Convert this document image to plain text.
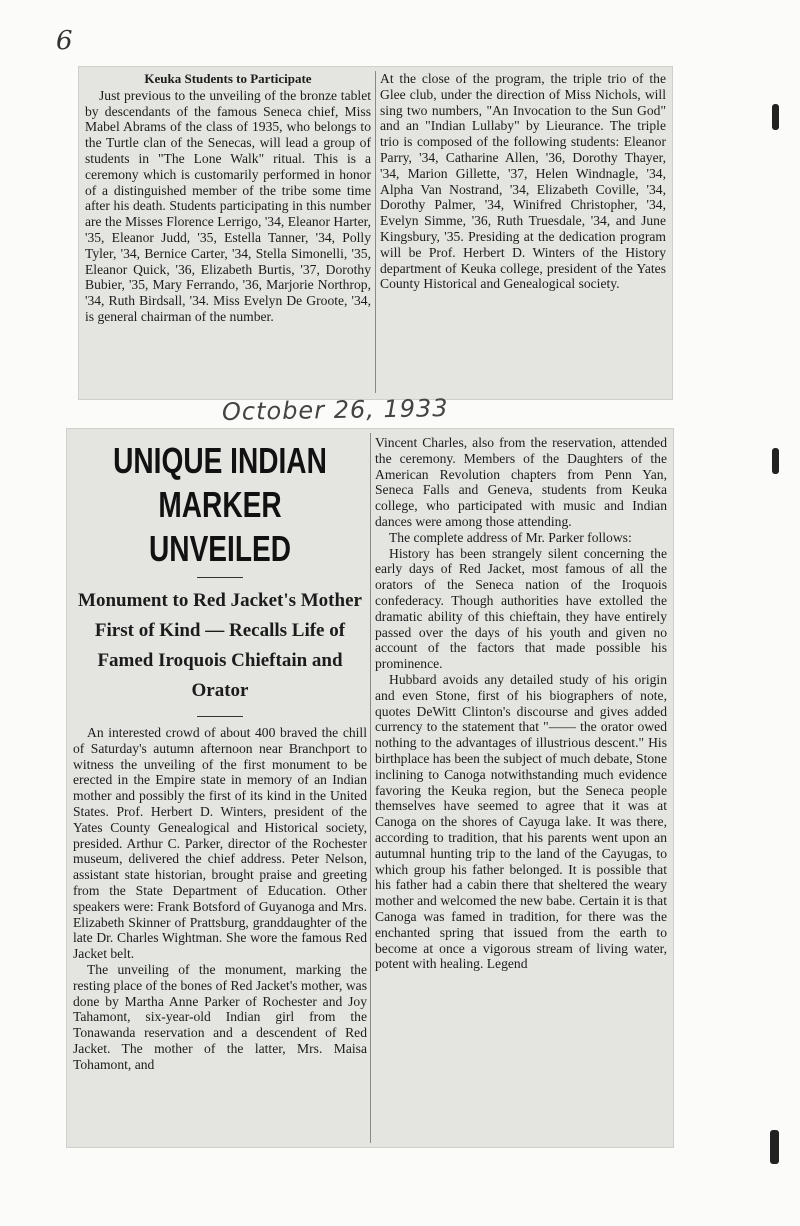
6
Keuka Students to Participate

Just previous to the unveiling of the bronze tablet by descendants of the famous Seneca chief, Miss Mabel Abrams of the class of 1935, who belongs to the Turtle clan of the Senecas, will lead a group of students in "The Lone Walk" ritual. This is a ceremony which is customarily performed in honor of a distinguished member of the tribe some time after his death. Students participating in this number are the Misses Florence Lerrigo, '34, Eleanor Harter, '35, Eleanor Judd, '35, Estella Tanner, '34, Polly Tyler, '34, Bernice Carter, '34, Stella Simonelli, '35, Eleanor Quick, '36, Elizabeth Burtis, '37, Dorothy Bubier, '35, Mary Ferrando, '36, Marjorie Northrop, '34, Ruth Birdsall, '34. Miss Evelyn De Groote, '34, is general chairman of the number.

At the close of the program, the triple trio of the Glee club, under the direction of Miss Nichols, will sing two numbers, "An Invocation to the Sun God" and an "Indian Lullaby" by Lieurance. The triple trio is composed of the following students: Eleanor Parry, '34, Catharine Allen, '36, Dorothy Thayer, '34, Marion Gillette, '37, Helen Windnagle, '34, Alpha Van Nostrand, '34, Elizabeth Coville, '34, Dorothy Palmer, '34, Winifred Christopher, '34, Evelyn Simme, '36, Ruth Truesdale, '34, and June Kingsbury, '35. Presiding at the dedication program will be Prof. Herbert D. Winters of the History department of Keuka college, president of the Yates County Historical and Genealogical society.

October 26, 1933
UNIQUE INDIAN
MARKER UNVEILED
Monument to Red Jacket's Mother First of Kind — Recalls Life of Famed Iroquois Chieftain and Orator

An interested crowd of about 400 braved the chill of Saturday's autumn afternoon near Branchport to witness the unveiling of the first monument to be erected in the Empire state in memory of an Indian mother and possibly the first of its kind in the United States. Prof. Herbert D. Winters, president of the Yates County Genealogical and Historical society, presided. Arthur C. Parker, director of the Rochester museum, delivered the chief address. Peter Nelson, assistant state historian, brought praise and greeting from the State Department of Education. Other speakers were: Frank Botsford of Guyanoga and Mrs. Elizabeth Skinner of Prattsburg, granddaughter of the late Dr. Charles Wightman. She wore the famous Red Jacket belt.

The unveiling of the monument, marking the resting place of the bones of Red Jacket's mother, was done by Martha Anne Parker of Rochester and Joy Tahamont, six-year-old Indian girl from the Tonawanda reservation and a descendent of Red Jacket. The mother of the latter, Mrs. Maisa Tohamont, and

Vincent Charles, also from the reservation, attended the ceremony. Members of the Daughters of the American Revolution chapters from Penn Yan, Seneca Falls and Geneva, students from Keuka college, who participated with music and Indian dances were among those attending.

The complete address of Mr. Parker follows:

History has been strangely silent concerning the early days of Red Jacket, most famous of all the orators of the Seneca nation of the Iroquois confederacy. Though authorities have extolled the dramatic ability of this chieftain, they have entirely passed over the days of his youth and given no account of the factors that made possible his prominence.

Hubbard avoids any detailed study of his origin and even Stone, first of his biographers of note, quotes DeWitt Clinton's discourse and gives added currency to the statement that "—— the orator owed nothing to the advantages of illustrious descent." His birthplace has been the subject of much debate, Stone inclining to Canoga notwithstanding much evidence favoring the Keuka region, but the Seneca people themselves have seemed to agree that it was at Canoga on the shores of Cayuga lake. It was there, according to tradition, that his parents went upon an autumnal hunting trip to the land of the Cayugas, to which group his father belonged. It is possible that his father had a cabin there that sheltered the weary mother and welcomed the new babe. Certain it is that Canoga was famed in tradition, for there was the enchanted spring that issued from the earth to become at once a vigorous stream of living water, potent with healing. Legend
